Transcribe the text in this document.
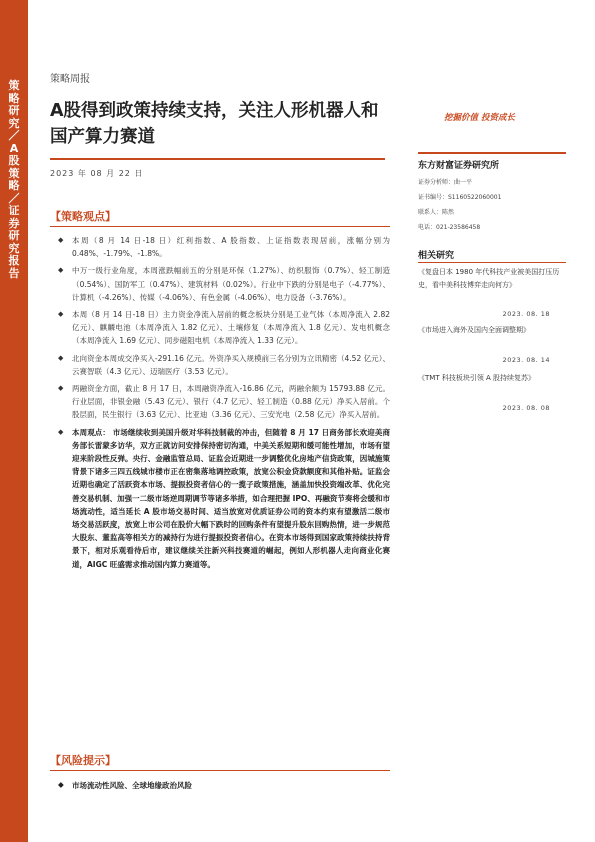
策略研究／A股策略／证券研究报告
策略周报
A股得到政策持续支持，关注人形机器人和国产算力赛道
2023 年 08 月 22 日
挖掘价值 投资成长
东方财富证券研究所
证券分析师：曲一平
证书编号：S1160522060001
联系人：陈然
电话：021-23586458
相关研究
《复盘日本 1980 年代科技产业被美国打压历史，看中美科技博弈走向何方》
2023. 08. 18
《市场进入海外及国内全面调整期》
2023. 08. 14
《TMT 科技板块引领 A 股持续复苏》
2023. 08. 08
【策略观点】
◆ 本周（8 月 14 日-18 日）红利指数、A 股指数、上证指数表现居前，涨幅分别为 0.48%、-1.79%、-1.8%。
◆ 中万一级行业角度，本周涨跌幅前五的分别是环保（1.27%）、纺织服饰（0.7%）、轻工制造（0.54%）、国防军工（0.47%）、建筑材料（0.02%）。行业中下跌的分别是电子（-4.77%）、计算机（-4.26%）、传媒（-4.06%）、有色金属（-4.06%）、电力设备（-3.76%）。
◆ 本周（8 月 14 日-18 日）主力资金净流入居前的概念板块分别是工业气体（本周净流入 2.82 亿元）、麒麟电池（本周净流入 1.82 亿元）、土壤修复（本周净流入 1.8 亿元）、发电机概念（本周净流入 1.69 亿元）、同步磁阻电机（本周净流入 1.33 亿元）。
◆ 北向资金本周成交净买入-291.16 亿元。外资净买入规模前三名分别为立讯精密（4.52 亿元）、云赛智联（4.3 亿元）、迈瑞医疗（3.53 亿元）。
◆ 两融资金方面，截止 8 月 17 日，本周融资净流入-16.86 亿元，两融余额为 15793.88 亿元。行业层面，非银金融（5.43 亿元）、银行（4.7 亿元）、轻工制造（0.88 亿元）净买入居前。个股层面，民生银行（3.63 亿元）、比亚迪（3.36 亿元）、三安光电（2.58 亿元）净买入居前。
◆ 本周观点： 市场继续收到美国升级对华科技制裁的冲击，但随着 8 月 17 日商务部长欢迎美商务部长雷蒙多访华，双方正就访问安排保持密切沟通，中美关系短期和缓可能性增加，市场有望迎来阶段性反弹。央行、金融监管总局、证监会近期进一步调整优化房地产信贷政策，因城施策背景下诸多三四五线城市楼市正在密集落地调控政策，放宽公积金贷款额度和其他补贴。证监会近期也确定了活跃资本市场、提振投资者信心的一揽子政策措施，涵盖加快投资端改革、优化完善交易机制、加强一二级市场逆周期调节等诸多举措，如合理把握 IPO、再融资节奏将会缓和市场流动性，适当延长 A 股市场交易时间、适当放宽对优质证券公司的资本约束有望激活二级市场交易活跃度，放宽上市公司在股价大幅下跌时的回购条件有望提升股东回购热情，进一步规范大股东、董监高等相关方的减持行为进行提振投资者信心。在资本市场得到国家政策持续扶持背景下，相对乐观看待后市，建议继续关注新兴科技赛道的崛起，例如人形机器人走向商业化赛道，AIGC 旺盛需求推动国内算力赛道等。
【风险提示】
◆ 市场流动性风险、全球地缘政治风险
